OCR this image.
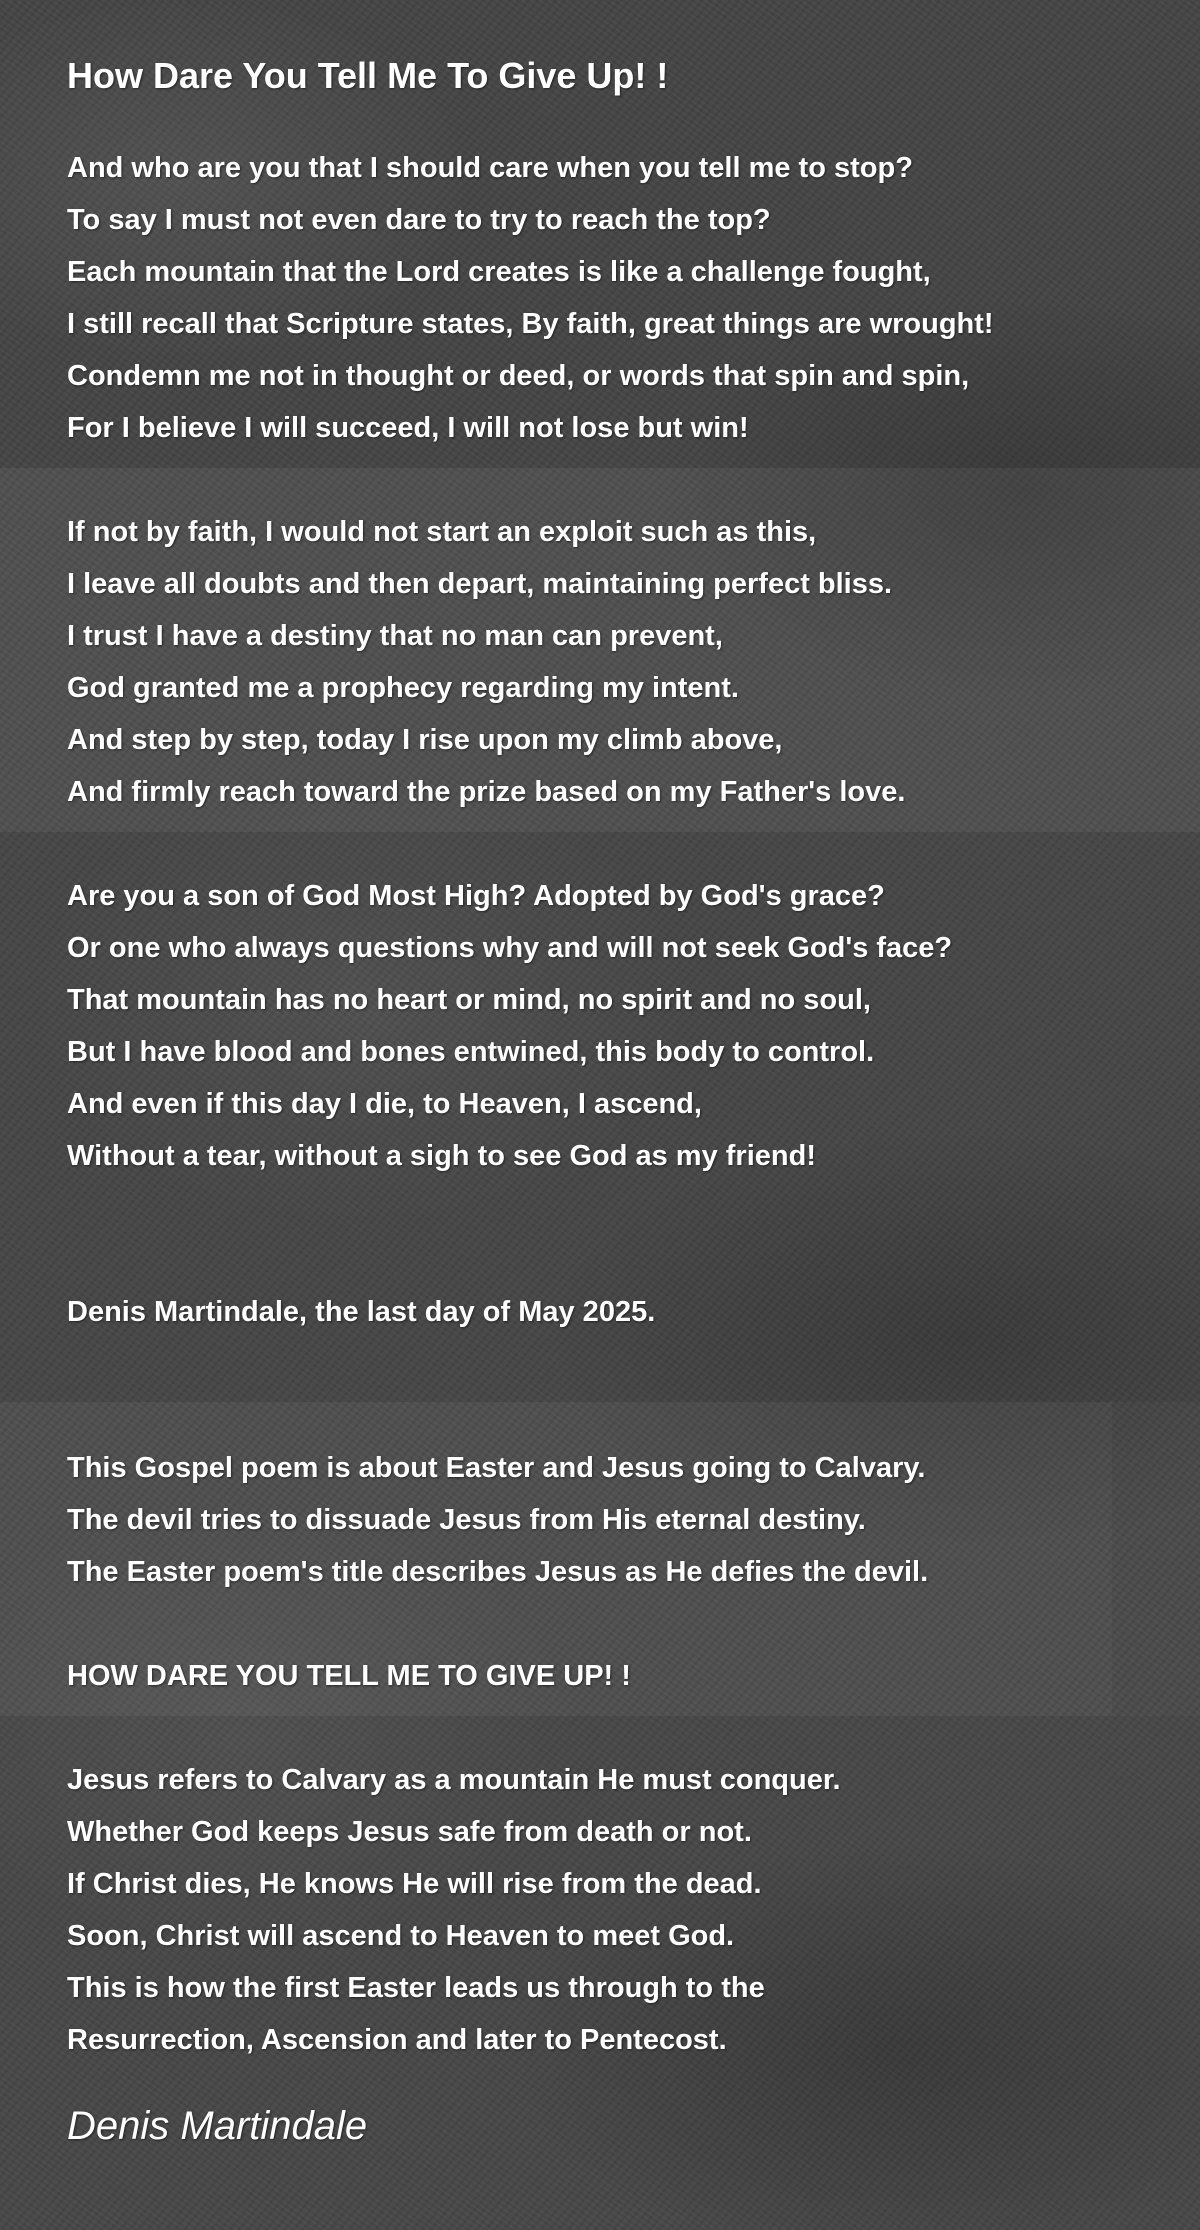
How Dare You Tell Me To Give Up! !
And who are you that I should care when you tell me to stop?
To say I must not even dare to try to reach the top?
Each mountain that the Lord creates is like a challenge fought,
I still recall that Scripture states, By faith, great things are wrought!
Condemn me not in thought or deed, or words that spin and spin,
For I believe I will succeed, I will not lose but win!
If not by faith, I would not start an exploit such as this,
I leave all doubts and then depart, maintaining perfect bliss.
I trust I have a destiny that no man can prevent,
God granted me a prophecy regarding my intent.
And step by step, today I rise upon my climb above,
And firmly reach toward the prize based on my Father's love.
Are you a son of God Most High? Adopted by God's grace?
Or one who always questions why and will not seek God's face?
That mountain has no heart or mind, no spirit and no soul,
But I have blood and bones entwined, this body to control.
And even if this day I die, to Heaven, I ascend,
Without a tear, without a sigh to see God as my friend!
Denis Martindale, the last day of May 2025.
This Gospel poem is about Easter and Jesus going to Calvary.
The devil tries to dissuade Jesus from His eternal destiny.
The Easter poem's title describes Jesus as He defies the devil.
HOW DARE YOU TELL ME TO GIVE UP! !
Jesus refers to Calvary as a mountain He must conquer.
Whether God keeps Jesus safe from death or not.
If Christ dies, He knows He will rise from the dead.
Soon, Christ will ascend to Heaven to meet God.
This is how the first Easter leads us through to the
Resurrection, Ascension and later to Pentecost.
Denis Martindale
